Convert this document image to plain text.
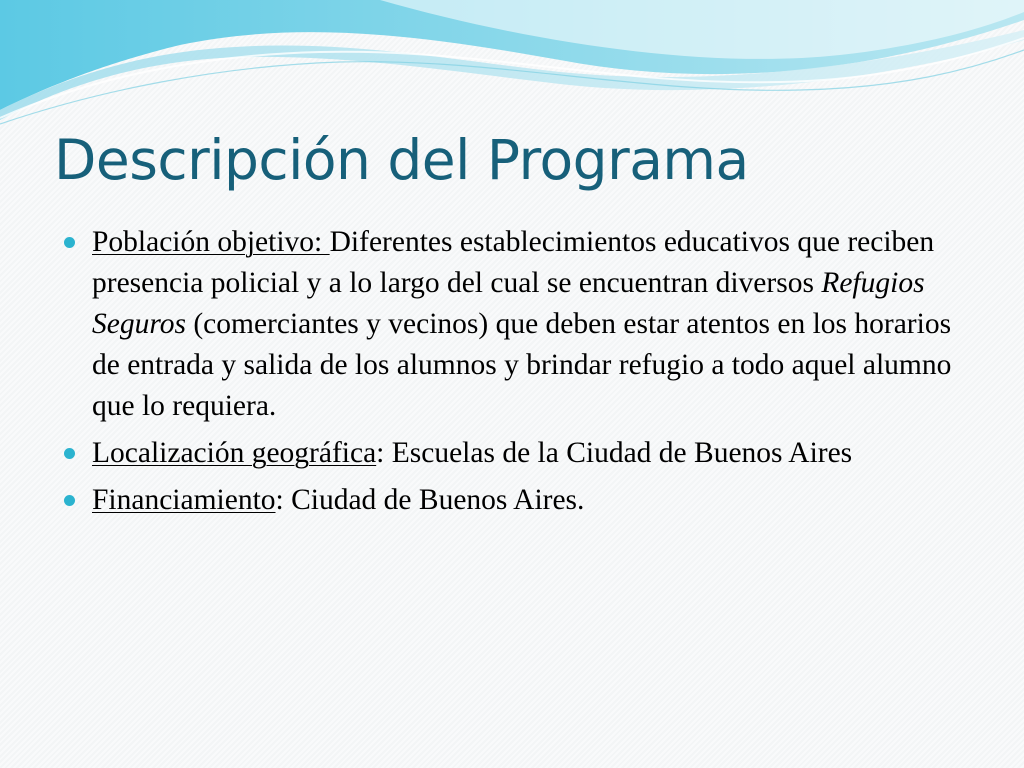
Descripción del Programa
Población objetivo: Diferentes establecimientos educativos que reciben presencia policial y a lo largo del cual se encuentran diversos Refugios Seguros (comerciantes y vecinos) que deben estar atentos en los horarios de entrada y salida de los alumnos y brindar refugio a todo aquel alumno que lo requiera.
Localización geográfica: Escuelas de la Ciudad de Buenos Aires
Financiamiento: Ciudad de Buenos Aires.
